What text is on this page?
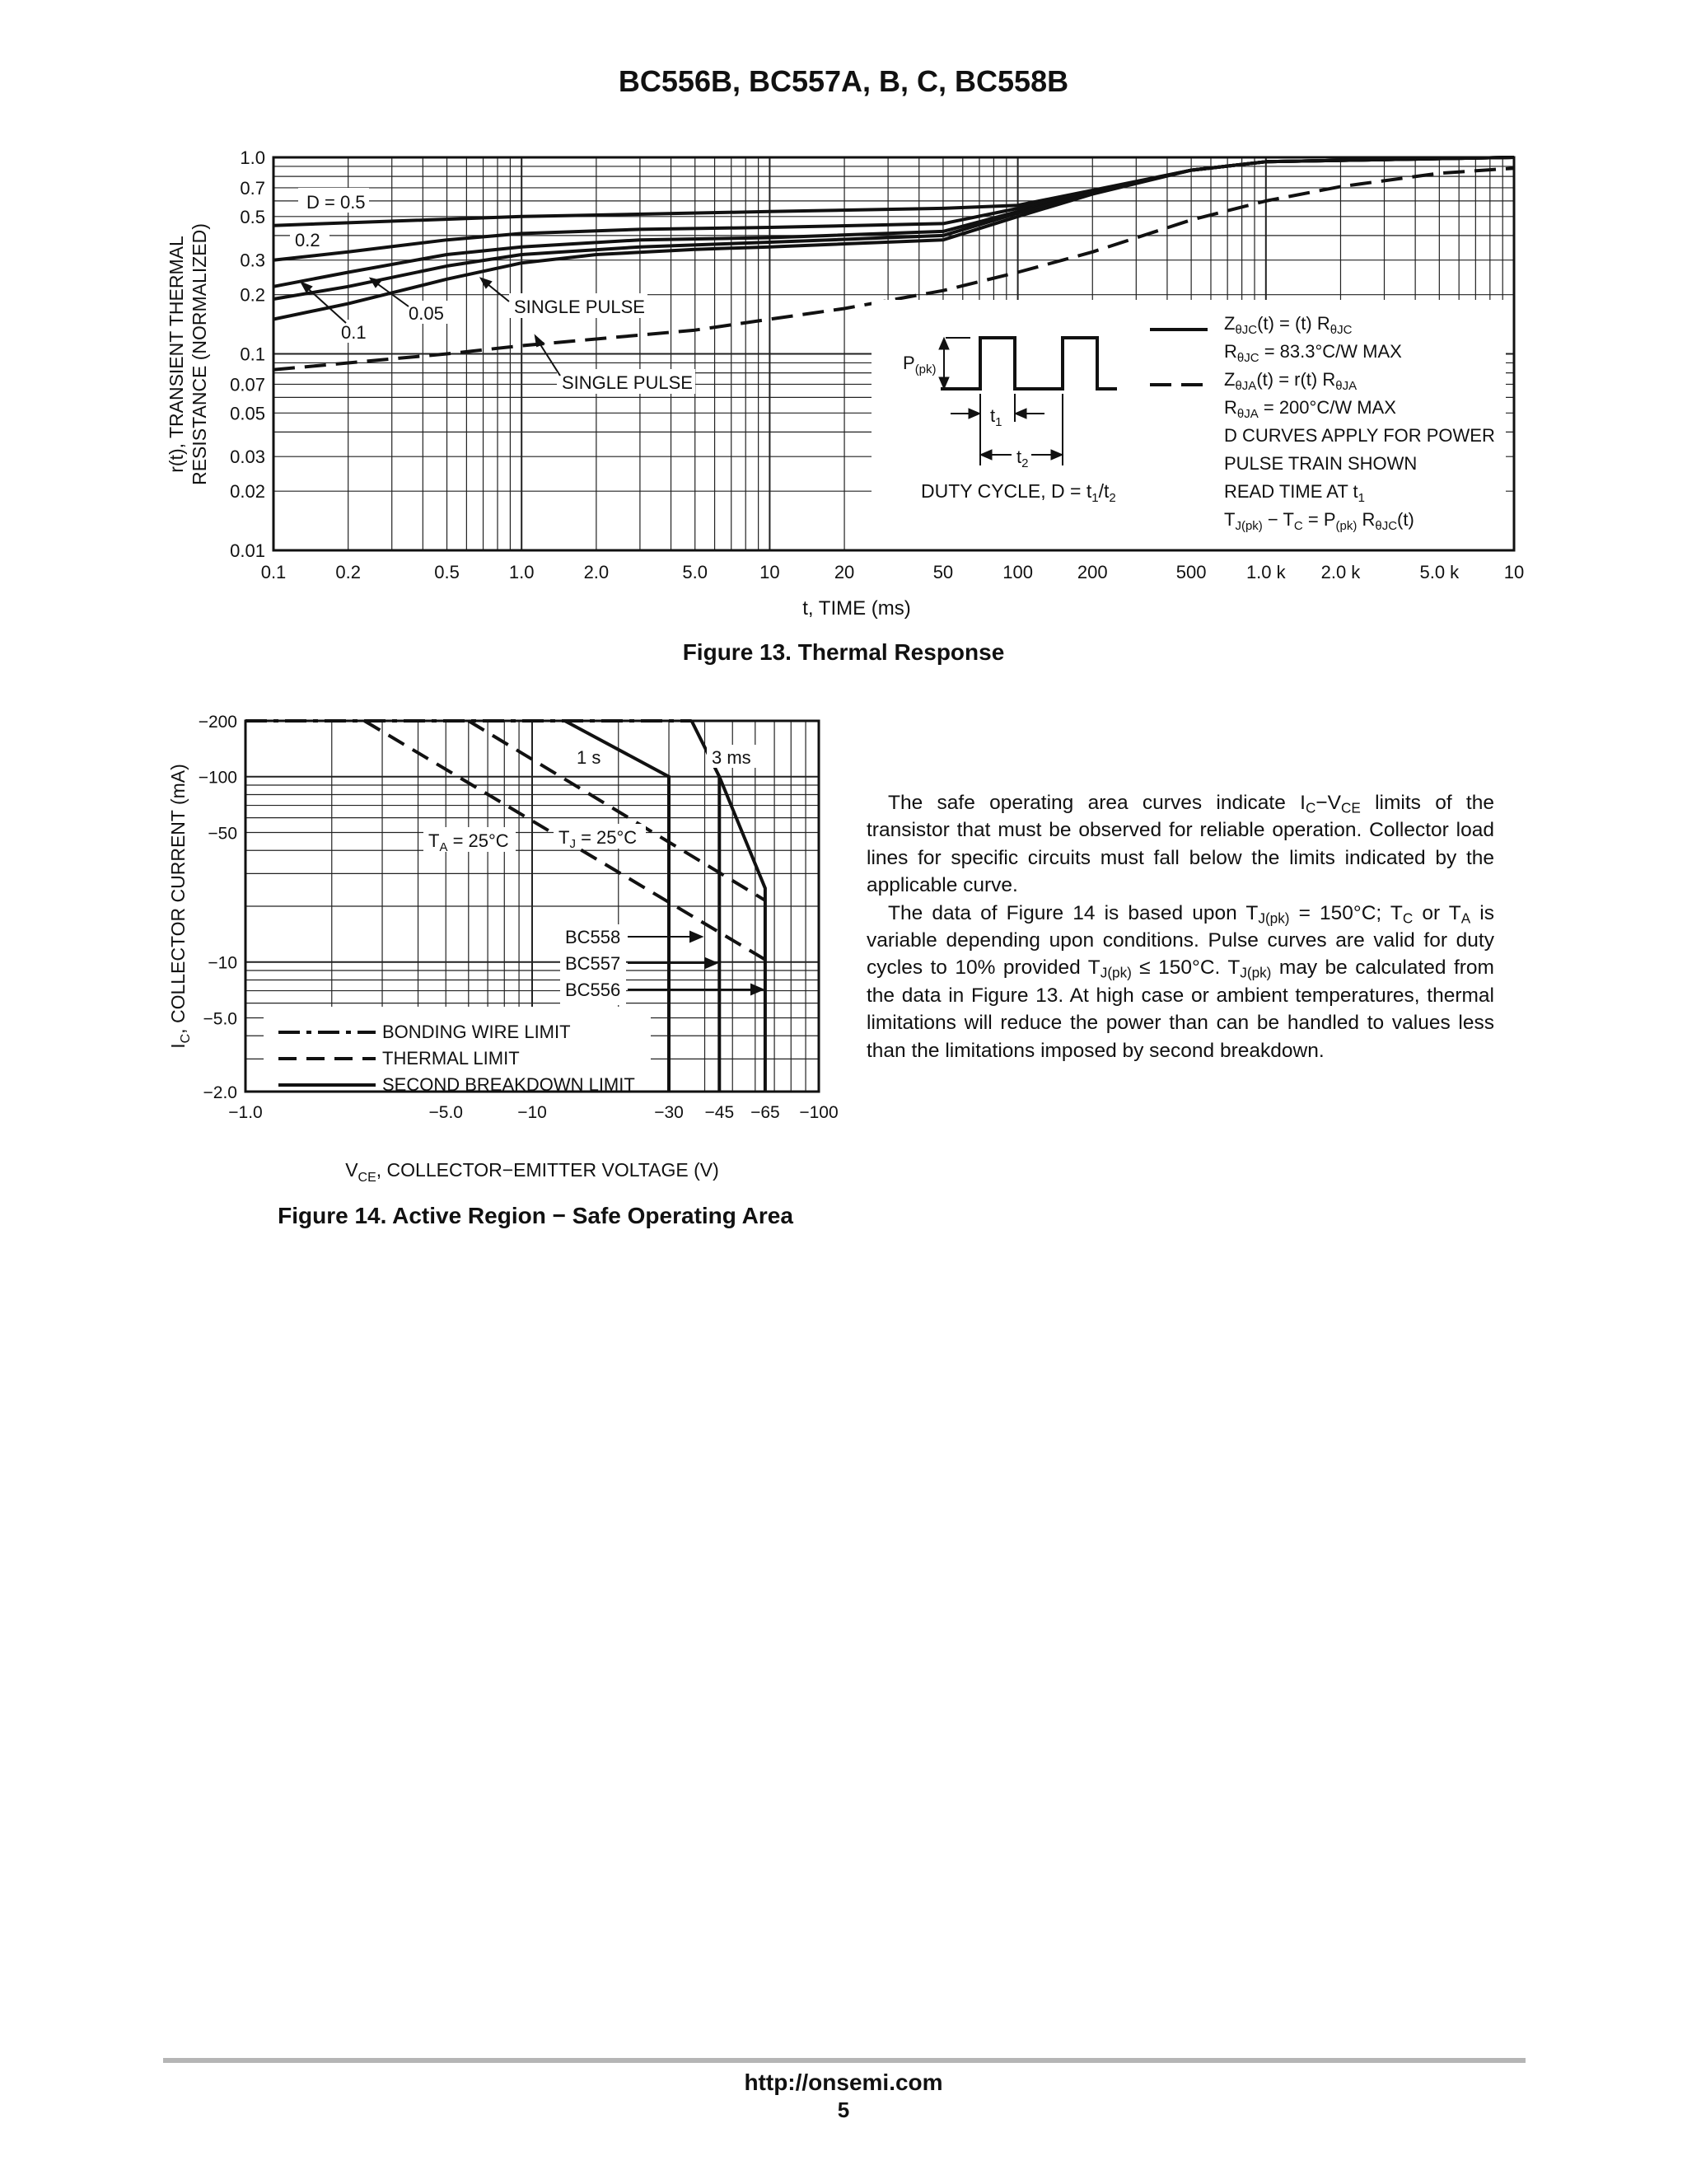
BC556B, BC557A, B, C, BC558B
0.1	0.2	0.5	1.0	2.0	5.0	10	20	50	100 200	500 1.0 k 2.0 k	5.0 k 10
1.0
0.7
0.5
0.3
0.2
0.1
0.07
0.05
0.03
0.02
0.01
t, TIME (ms)
r(t), TRANSIENT THERMAL RESISTANCE (NORMALIZED)
D = 0.5
0.2
0.1
0.05	SINGLE PULSE
SINGLE PULSE
$P_{(pk)}$
$t_1$
$t_2$
DUTY CYCLE, $D = t_1/t_2$
$Z_{\theta JC}(t) = (t)$ $R_{\theta JC}$
$R_{\theta JC} = 83.3^\circ C/W$ MAX
$Z_{\theta JA}(t) = r(t)$ $R_{\theta JA}$
$R_{\theta JA} = 200^\circ C/W$ MAX
D CURVES APPLY FOR POWER
PULSE TRAIN SHOWN
READ TIME AT $t_1$
$T_{J(pk)} - T_C = P_{(pk)}$ $R_{\theta JC}(t)$
Figure 13. Thermal Response
−1.0	−5.0	−10	−30 −45 −65 −100
−200
−100
−50
−10
−5.0
−2.0
$V_{CE}$, COLLECTOR−EMITTER VOLTAGE (V)
$I_C$, COLLECTOR CURRENT (mA)
1 s	3 ms
$T_A = 25^\circ C$	$T_J = 25^\circ C$
BC558
BC557
BC556
BONDING WIRE LIMIT
THERMAL LIMIT
SECOND BREAKDOWN LIMIT
Figure 14. Active Region − Safe Operating Area

The safe operating area curves indicate $I_C-V_{CE}$ limits of the transistor that must be observed for reliable operation. Collector load lines for specific circuits must fall below the limits indicated by the applicable curve.

The data of Figure 14 is based upon $T_{J(pk)} = 150^\circ C$; $T_C$ or $T_A$ is variable depending upon conditions. Pulse curves are valid for duty cycles to 10% provided $T_{J(pk)} \le 150^\circ C$. $T_{J(pk)}$ may be calculated from the data in Figure 13. At high case or ambient temperatures, thermal limitations will reduce the power than can be handled to values less than the limitations imposed by second breakdown.

http://onsemi.com
5
